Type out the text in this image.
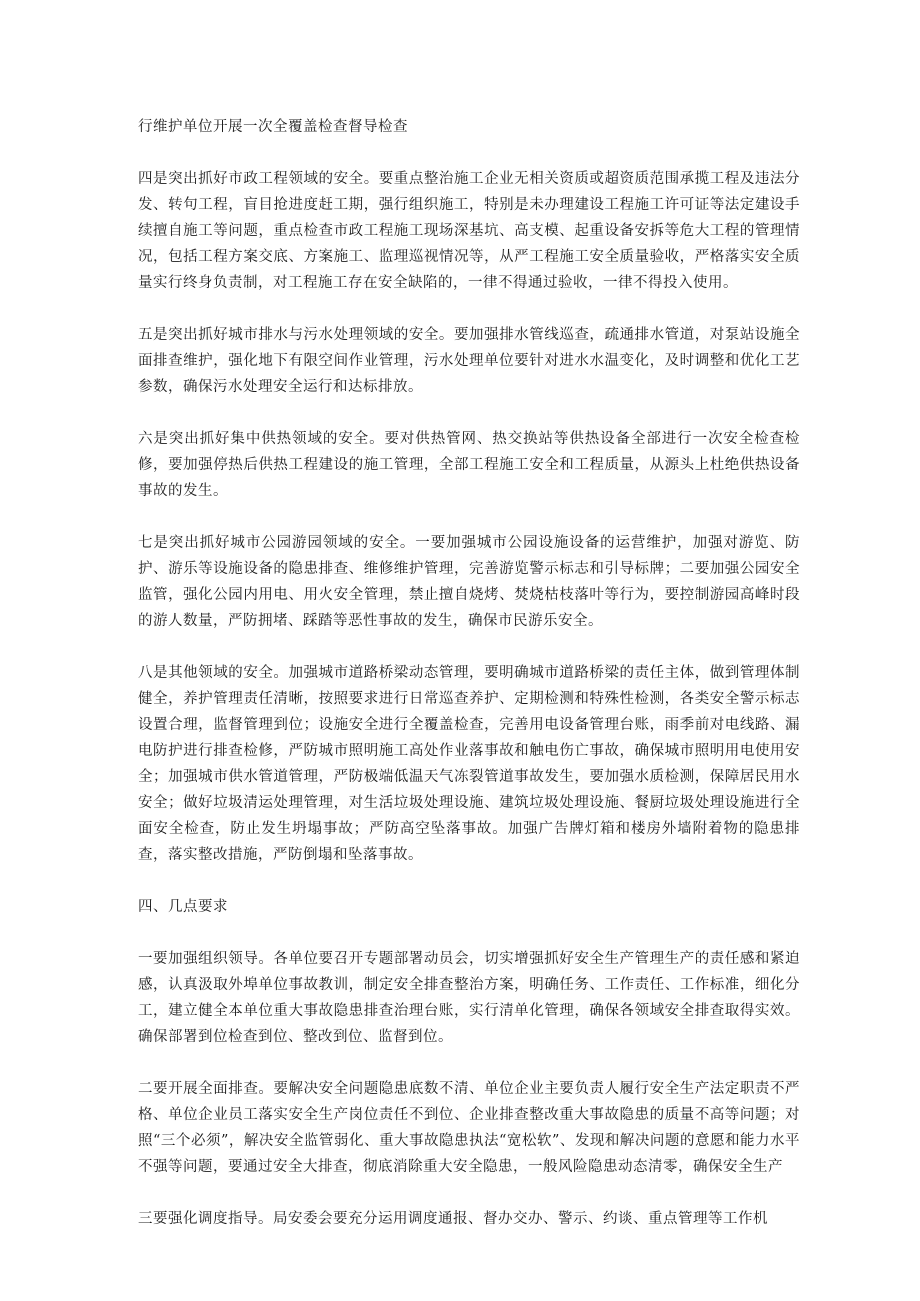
行维护单位开展一次全覆盖检查督导检查

四是突出抓好市政工程领域的安全。要重点整治施工企业无相关资质或超资质范围承揽工程及违法分发、转句工程，盲目抢进度赶工期，强行组织施工，特别是未办理建设工程施工许可证等法定建设手续擅自施工等问题，重点检查市政工程施工现场深基坑、高支模、起重设备安拆等危大工程的管理情况，包括工程方案交底、方案施工、监理巡视情况等，从严工程施工安全质量验收，严格落实安全质量实行终身负责制，对工程施工存在安全缺陷的，一律不得通过验收，一律不得投入使用。

五是突出抓好城市排水与污水处理领域的安全。要加强排水管线巡查，疏通排水管道，对泵站设施全面排查维护，强化地下有限空间作业管理，污水处理单位要针对进水水温变化，及时调整和优化工艺参数，确保污水处理安全运行和达标排放。

六是突出抓好集中供热领域的安全。要对供热管网、热交换站等供热设备全部进行一次安全检查检修，要加强停热后供热工程建设的施工管理，全部工程施工安全和工程质量，从源头上杜绝供热设备事故的发生。

七是突出抓好城市公园游园领域的安全。一要加强城市公园设施设备的运营维护，加强对游览、防护、游乐等设施设备的隐患排查、维修维护管理，完善游览警示标志和引导标牌；二要加强公园安全监管，强化公园内用电、用火安全管理，禁止擅自烧烤、焚烧枯枝落叶等行为，要控制游园高峰时段的游人数量，严防拥堵、踩踏等恶性事故的发生，确保市民游乐安全。

八是其他领域的安全。加强城市道路桥梁动态管理，要明确城市道路桥梁的责任主体，做到管理体制健全，养护管理责任清晰，按照要求进行日常巡查养护、定期检测和特殊性检测，各类安全警示标志设置合理，监督管理到位；设施安全进行全覆盖检查，完善用电设备管理台账，雨季前对电线路、漏电防护进行排查检修，严防城市照明施工高处作业落事故和触电伤亡事故，确保城市照明用电使用安全；加强城市供水管道管理，严防极端低温天气冻裂管道事故发生，要加强水质检测，保障居民用水安全；做好垃圾清运处理管理，对生活垃圾处理设施、建筑垃圾处理设施、餐厨垃圾处理设施进行全面安全检查，防止发生坍塌事故；严防高空坠落事故。加强广告牌灯箱和楼房外墙附着物的隐患排查，落实整改措施，严防倒塌和坠落事故。

四、几点要求

一要加强组织领导。各单位要召开专题部署动员会，切实增强抓好安全生产管理生产的责任感和紧迫感，认真汲取外埠单位事故教训，制定安全排查整治方案，明确任务、工作责任、工作标准，细化分工，建立健全本单位重大事故隐患排查治理台账，实行清单化管理，确保各领域安全排查取得实效。确保部署到位检查到位、整改到位、监督到位。

二要开展全面排查。要解决安全问题隐患底数不清、单位企业主要负责人履行安全生产法定职责不严格、单位企业员工落实安全生产岗位责任不到位、企业排查整改重大事故隐患的质量不高等问题；对照“三个必须”，解决安全监管弱化、重大事故隐患执法“宽松软”、发现和解决问题的意愿和能力水平不强等问题，要通过安全大排查，彻底消除重大安全隐患，一般风险隐患动态清零，确保安全生产

三要强化调度指导。局安委会要充分运用调度通报、督办交办、警示、约谈、重点管理等工作机
